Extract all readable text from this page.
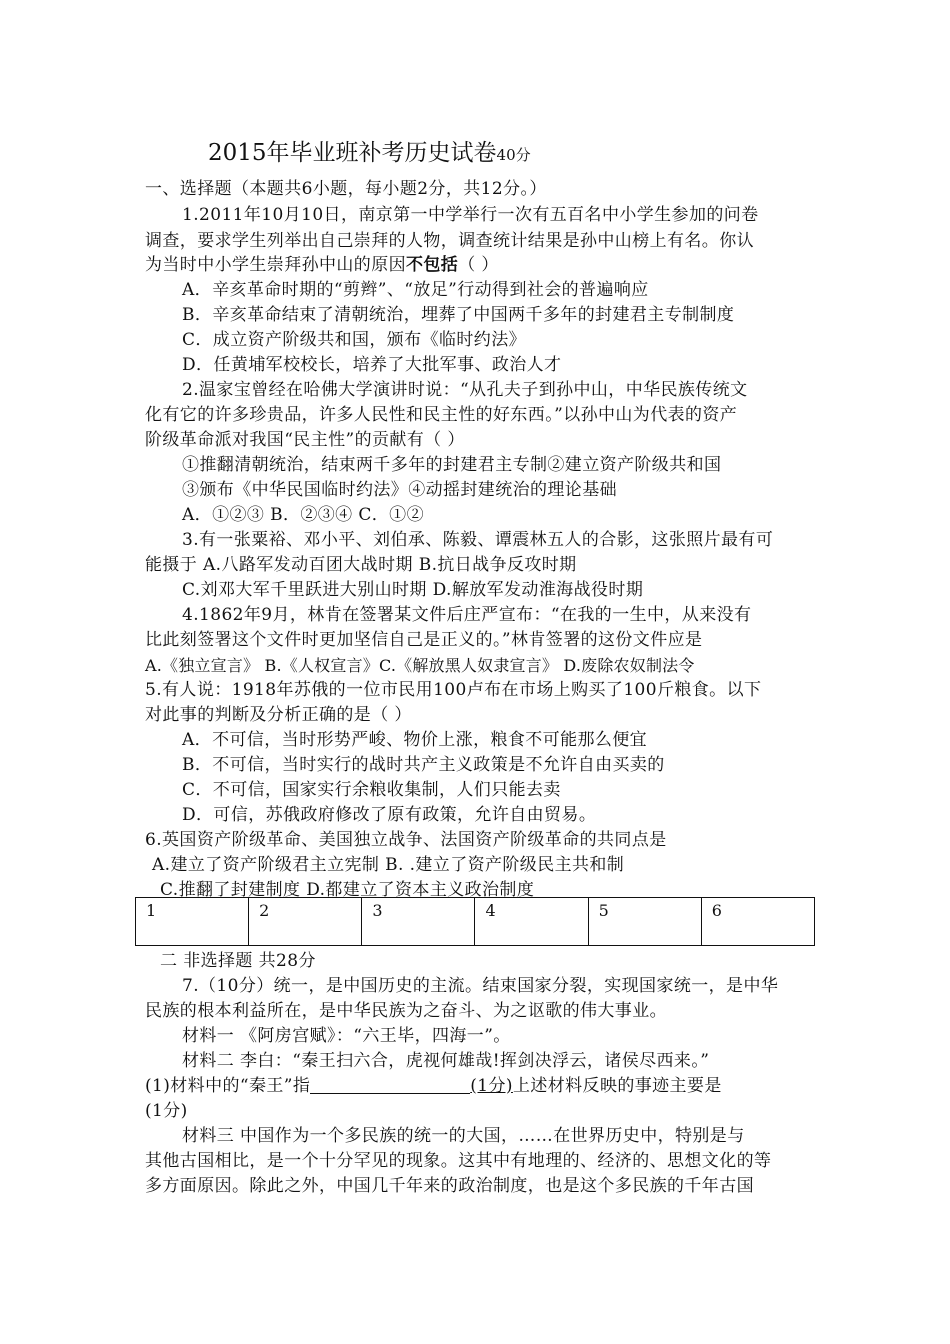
2015年毕业班补考历史试卷40分
一、选择题（本题共6小题，每小题2分，共12分。）
1.2011年10月10日，南京第一中学举行一次有五百名中小学生参加的问卷
调查，要求学生列举出自己崇拜的人物，调查统计结果是孙中山榜上有名。你认
为当时中小学生崇拜孙中山的原因不包括（ ）
A．辛亥革命时期的“剪辫”、“放足”行动得到社会的普遍响应
B．辛亥革命结束了清朝统治，埋葬了中国两千多年的封建君主专制制度
C．成立资产阶级共和国，颁布《临时约法》
D．任黄埔军校校长，培养了大批军事、政治人才
2.温家宝曾经在哈佛大学演讲时说：“从孔夫子到孙中山，中华民族传统文
化有它的许多珍贵品，许多人民性和民主性的好东西。”以孙中山为代表的资产
阶级革命派对我国“民主性”的贡献有（ ）
①推翻清朝统治，结束两千多年的封建君主专制②建立资产阶级共和国
③颁布《中华民国临时约法》④动摇封建统治的理论基础
A．①②③ B．②③④ C．①②
3.有一张粟裕、邓小平、刘伯承、陈毅、谭震林五人的合影，这张照片最有可
能摄于 A.八路军发动百团大战时期 B.抗日战争反攻时期
C.刘邓大军千里跃进大别山时期 D.解放军发动淮海战役时期
4.1862年9月，林肯在签署某文件后庄严宣布：“在我的一生中，从来没有
比此刻签署这个文件时更加坚信自己是正义的。”林肯签署的这份文件应是
A.《独立宣言》 B.《人权宣言》C.《解放黑人奴隶宣言》 D.废除农奴制法令
5.有人说：1918年苏俄的一位市民用100卢布在市场上购买了100斤粮食。以下
对此事的判断及分析正确的是（ ）
A．不可信，当时形势严峻、物价上涨，粮食不可能那么便宜
B．不可信，当时实行的战时共产主义政策是不允许自由买卖的
C．不可信，国家实行余粮收集制，人们只能去卖
D．可信，苏俄政府修改了原有政策，允许自由贸易。
6.英国资产阶级革命、美国独立战争、法国资产阶级革命的共同点是
A.建立了资产阶级君主立宪制 B. .建立了资产阶级民主共和制
C.推翻了封建制度 D.都建立了资本主义政治制度
1	2	3	4	5	6
二 非选择题 共28分
7.（10分）统一，是中国历史的主流。结束国家分裂，实现国家统一，是中华
民族的根本利益所在，是中华民族为之奋斗、为之讴歌的伟大事业。
材料一 《阿房宫赋》：“六王毕，四海一”。
材料二 李白：“秦王扫六合，虎视何雄哉!挥剑决浮云，诸侯尽西来。”
(1)材料中的“秦王”指	(1分)上述材料反映的事迹主要是
(1分)
材料三 中国作为一个多民族的统一的大国，……在世界历史中，特别是与
其他古国相比，是一个十分罕见的现象。这其中有地理的、经济的、思想文化的等
多方面原因。除此之外，中国几千年来的政治制度，也是这个多民族的千年古国
